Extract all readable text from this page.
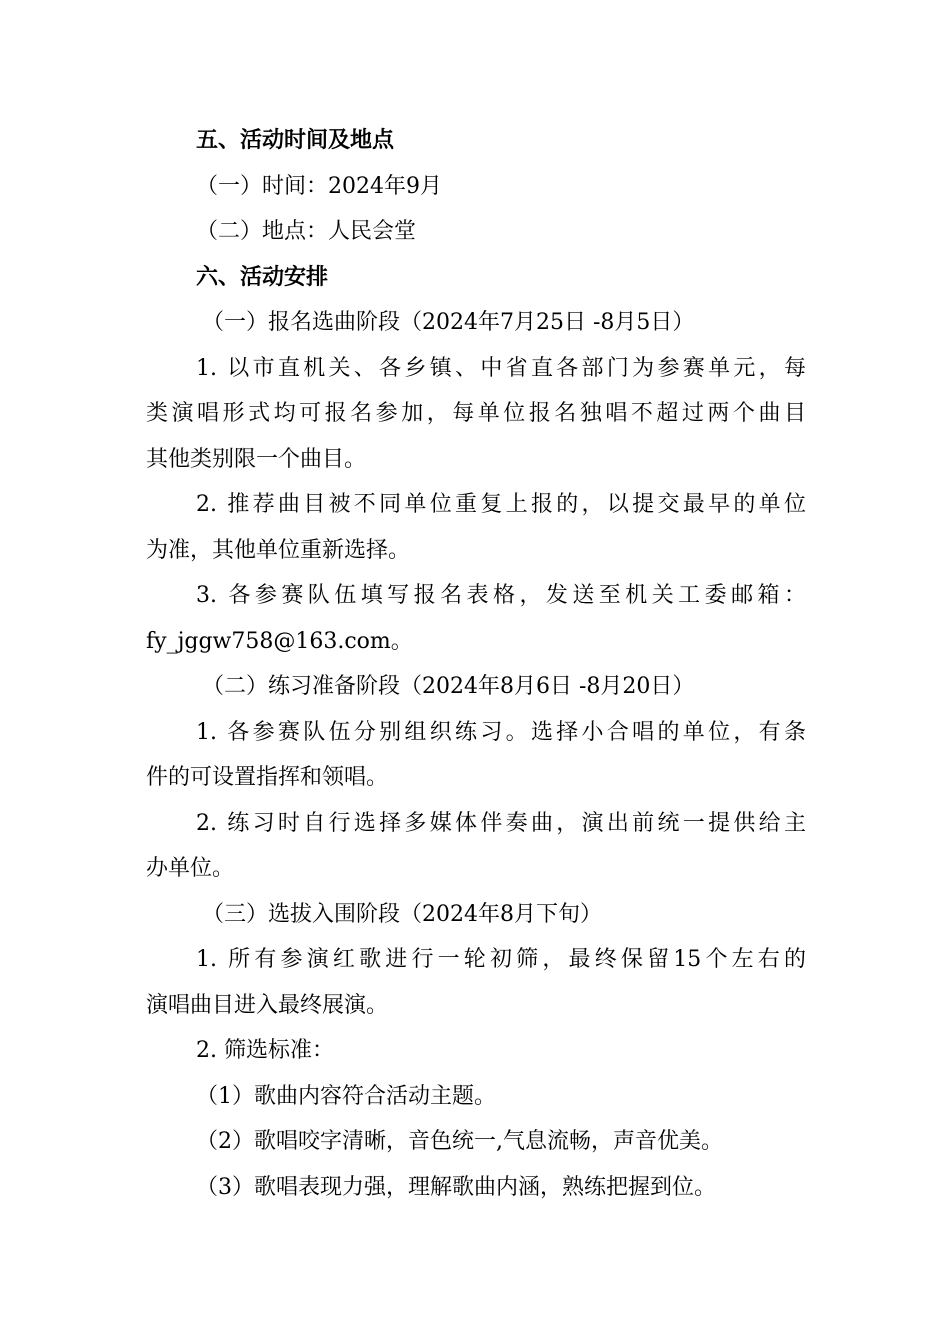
五、活动时间及地点
（一）时间：2024年9月
（二）地点：人民会堂
六、活动安排
（一）报名选曲阶段（2024年7月25日 -8月5日）
1. 以市直机关、各乡镇、中省直各部门为参赛单元，每
类演唱形式均可报名参加，每单位报名独唱不超过两个曲目
其他类别限一个曲目。
2. 推荐曲目被不同单位重复上报的，以提交最早的单位
为准，其他单位重新选择。
3. 各参赛队伍填写报名表格，发送至机关工委邮箱：
fy_jggw758@163.com。
（二）练习准备阶段（2024年8月6日 -8月20日）
1. 各参赛队伍分别组织练习。选择小合唱的单位，有条
件的可设置指挥和领唱。
2. 练习时自行选择多媒体伴奏曲，演出前统一提供给主
办单位。
（三）选拔入围阶段（2024年8月下旬）
1. 所有参演红歌进行一轮初筛，最终保留15个左右的
演唱曲目进入最终展演。
2. 筛选标准：
（1）歌曲内容符合活动主题。
（2）歌唱咬字清晰，音色统一,气息流畅，声音优美。
（3）歌唱表现力强，理解歌曲内涵，熟练把握到位。
